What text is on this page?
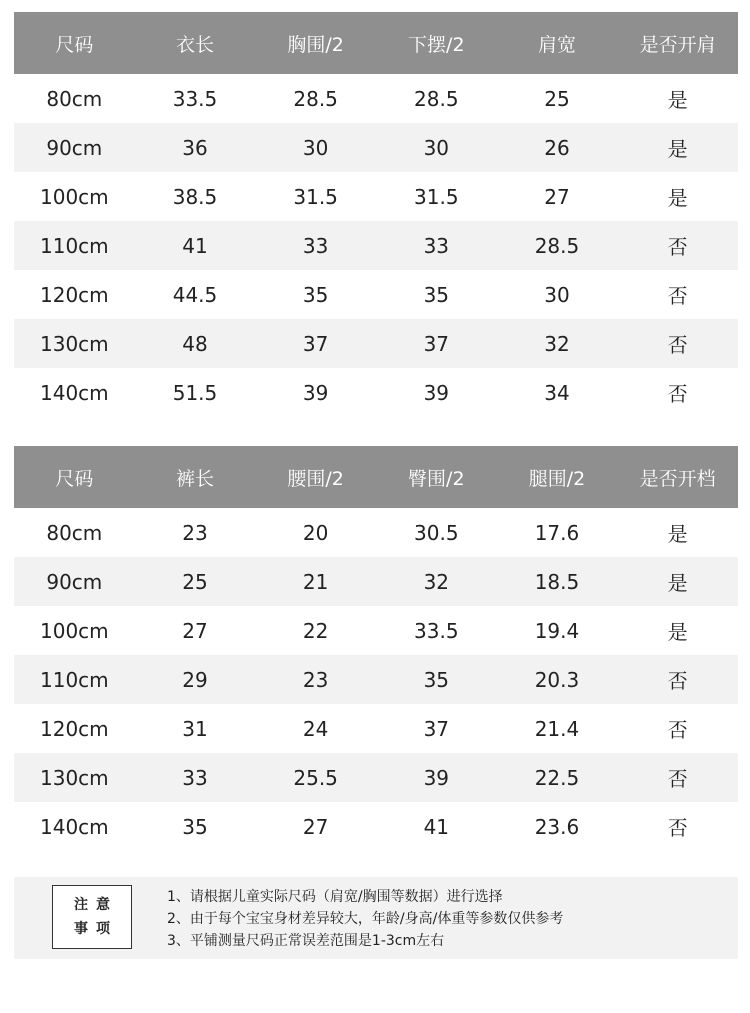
尺码	衣长	胸围/2	下摆/2	肩宽	是否开肩
80cm	33.5	28.5	28.5	25	是
90cm	36	30	30	26	是
100cm	38.5	31.5	31.5	27	是
110cm	41	33	33	28.5	否
120cm	44.5	35	35	30	否
130cm	48	37	37	32	否
140cm	51.5	39	39	34	否
尺码	裤长	腰围/2	臀围/2	腿围/2	是否开档
80cm	23	20	30.5	17.6	是
90cm	25	21	32	18.5	是
100cm	27	22	33.5	19.4	是
110cm	29	23	35	20.3	否
120cm	31	24	37	21.4	否
130cm	33	25.5	39	22.5	否
140cm	35	27	41	23.6	否
注意
事项
1、请根据儿童实际尺码（肩宽/胸围等数据）进行选择
2、由于每个宝宝身材差异较大，年龄/身高/体重等参数仅供参考
3、平铺测量尺码正常误差范围是1-3cm左右
